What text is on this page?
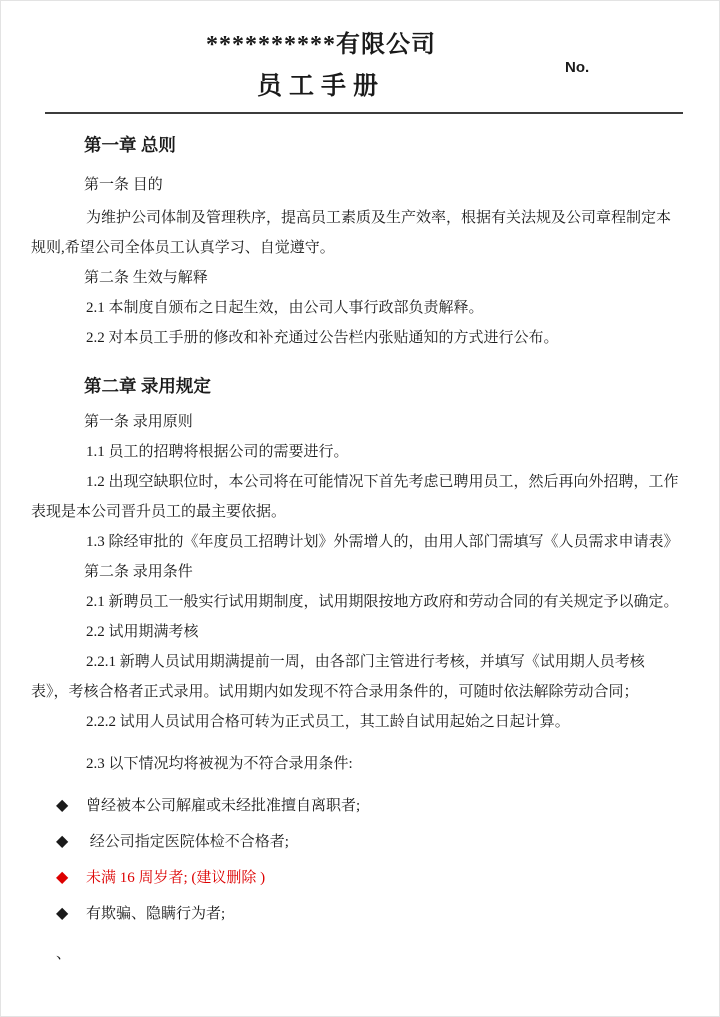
**********有限公司
员工手册
No.

第一章 总则

第一条 目的

为维护公司体制及管理秩序，提高员工素质及生产效率，根据有关法规及公司章程制定本规则,希望公司全体员工认真学习、自觉遵守。

第二条 生效与解释

2.1 本制度自颁布之日起生效，由公司人事行政部负责解释。

2.2 对本员工手册的修改和补充通过公告栏内张贴通知的方式进行公布。

第二章 录用规定

第一条 录用原则

1.1 员工的招聘将根据公司的需要进行。

1.2 出现空缺职位时，本公司将在可能情况下首先考虑已聘用员工，然后再向外招聘，工作表现是本公司晋升员工的最主要依据。

1.3 除经审批的《年度员工招聘计划》外需增人的，由用人部门需填写《人员需求申请表》

第二条 录用条件

2.1 新聘员工一般实行试用期制度，试用期限按地方政府和劳动合同的有关规定予以确定。

2.2 试用期满考核

2.2.1 新聘人员试用期满提前一周，由各部门主管进行考核，并填写《试用期人员考核表》，考核合格者正式录用。试用期内如发现不符合录用条件的，可随时依法解除劳动合同；

2.2.2 试用人员试用合格可转为正式员工，其工龄自试用起始之日起计算。

2.3 以下情况均将被视为不符合录用条件:

◆ 曾经被本公司解雇或未经批准擅自离职者;
◆ 经公司指定医院体检不合格者;
◆ 未满 16 周岁者; (建议删除 )
◆ 有欺骗、隐瞒行为者;
、
